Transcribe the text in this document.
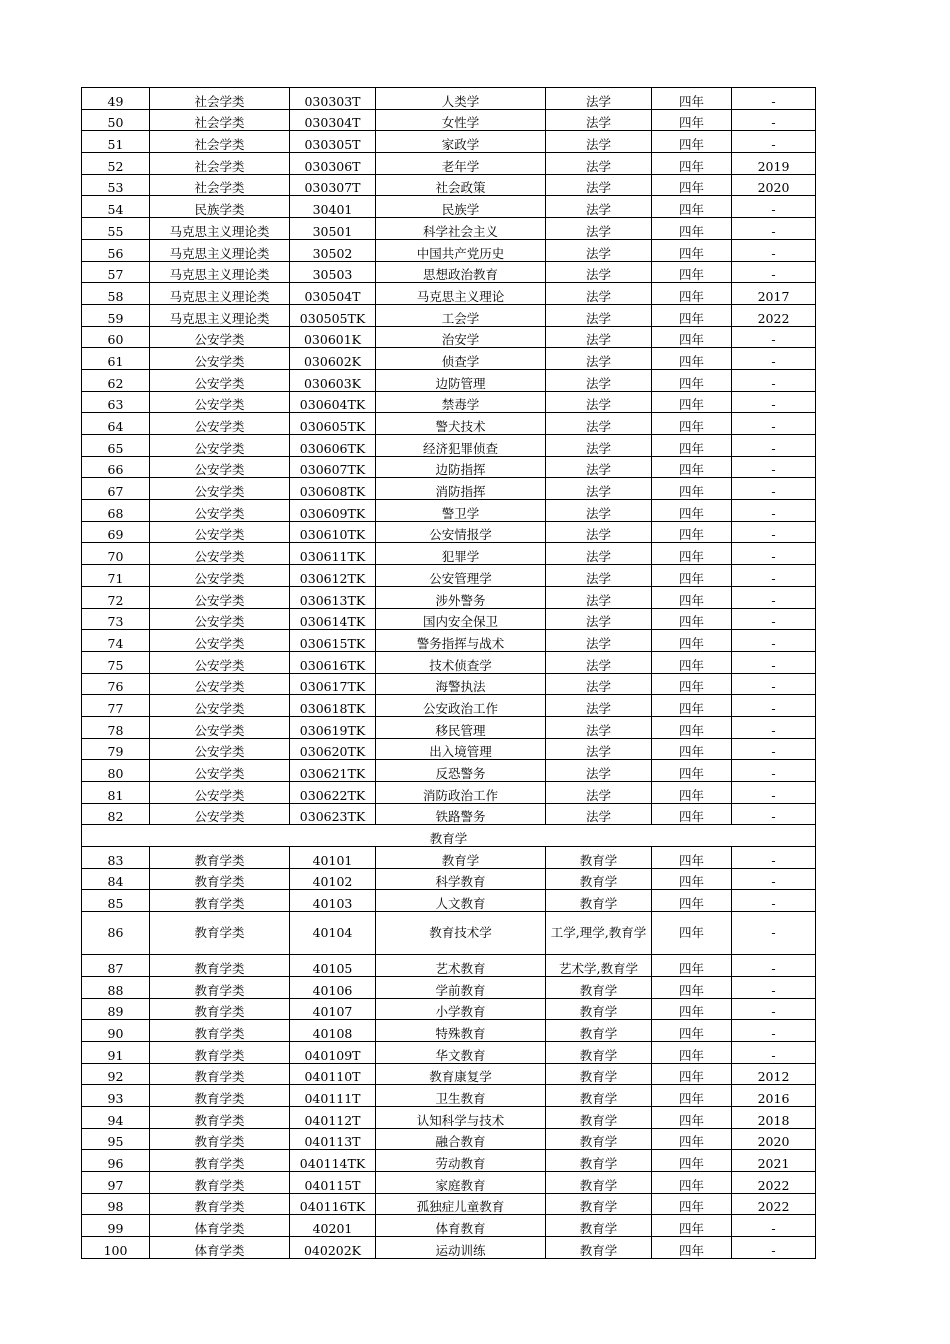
49	社会学类	030303T	人类学	法学	四年	-
50	社会学类	030304T	女性学	法学	四年	-
51	社会学类	030305T	家政学	法学	四年	-
52	社会学类	030306T	老年学	法学	四年	2019
53	社会学类	030307T	社会政策	法学	四年	2020
54	民族学类	30401	民族学	法学	四年	-
55	马克思主义理论类	30501	科学社会主义	法学	四年	-
56	马克思主义理论类	30502	中国共产党历史	法学	四年	-
57	马克思主义理论类	30503	思想政治教育	法学	四年	-
58	马克思主义理论类	030504T	马克思主义理论	法学	四年	2017
59	马克思主义理论类	030505TK	工会学	法学	四年	2022
60	公安学类	030601K	治安学	法学	四年	-
61	公安学类	030602K	侦查学	法学	四年	-
62	公安学类	030603K	边防管理	法学	四年	-
63	公安学类	030604TK	禁毒学	法学	四年	-
64	公安学类	030605TK	警犬技术	法学	四年	-
65	公安学类	030606TK	经济犯罪侦查	法学	四年	-
66	公安学类	030607TK	边防指挥	法学	四年	-
67	公安学类	030608TK	消防指挥	法学	四年	-
68	公安学类	030609TK	警卫学	法学	四年	-
69	公安学类	030610TK	公安情报学	法学	四年	-
70	公安学类	030611TK	犯罪学	法学	四年	-
71	公安学类	030612TK	公安管理学	法学	四年	-
72	公安学类	030613TK	涉外警务	法学	四年	-
73	公安学类	030614TK	国内安全保卫	法学	四年	-
74	公安学类	030615TK	警务指挥与战术	法学	四年	-
75	公安学类	030616TK	技术侦查学	法学	四年	-
76	公安学类	030617TK	海警执法	法学	四年	-
77	公安学类	030618TK	公安政治工作	法学	四年	-
78	公安学类	030619TK	移民管理	法学	四年	-
79	公安学类	030620TK	出入境管理	法学	四年	-
80	公安学类	030621TK	反恐警务	法学	四年	-
81	公安学类	030622TK	消防政治工作	法学	四年	-
82	公安学类	030623TK	铁路警务	法学	四年	-
教育学						
83	教育学类	40101	教育学	教育学	四年	-
84	教育学类	40102	科学教育	教育学	四年	-
85	教育学类	40103	人文教育	教育学	四年	-
86	教育学类	40104	教育技术学	工学,理学,教育学	四年	-
87	教育学类	40105	艺术教育	艺术学,教育学	四年	-
88	教育学类	40106	学前教育	教育学	四年	-
89	教育学类	40107	小学教育	教育学	四年	-
90	教育学类	40108	特殊教育	教育学	四年	-
91	教育学类	040109T	华文教育	教育学	四年	-
92	教育学类	040110T	教育康复学	教育学	四年	2012
93	教育学类	040111T	卫生教育	教育学	四年	2016
94	教育学类	040112T	认知科学与技术	教育学	四年	2018
95	教育学类	040113T	融合教育	教育学	四年	2020
96	教育学类	040114TK	劳动教育	教育学	四年	2021
97	教育学类	040115T	家庭教育	教育学	四年	2022
98	教育学类	040116TK	孤独症儿童教育	教育学	四年	2022
99	体育学类	40201	体育教育	教育学	四年	-
100	体育学类	040202K	运动训练	教育学	四年	-
